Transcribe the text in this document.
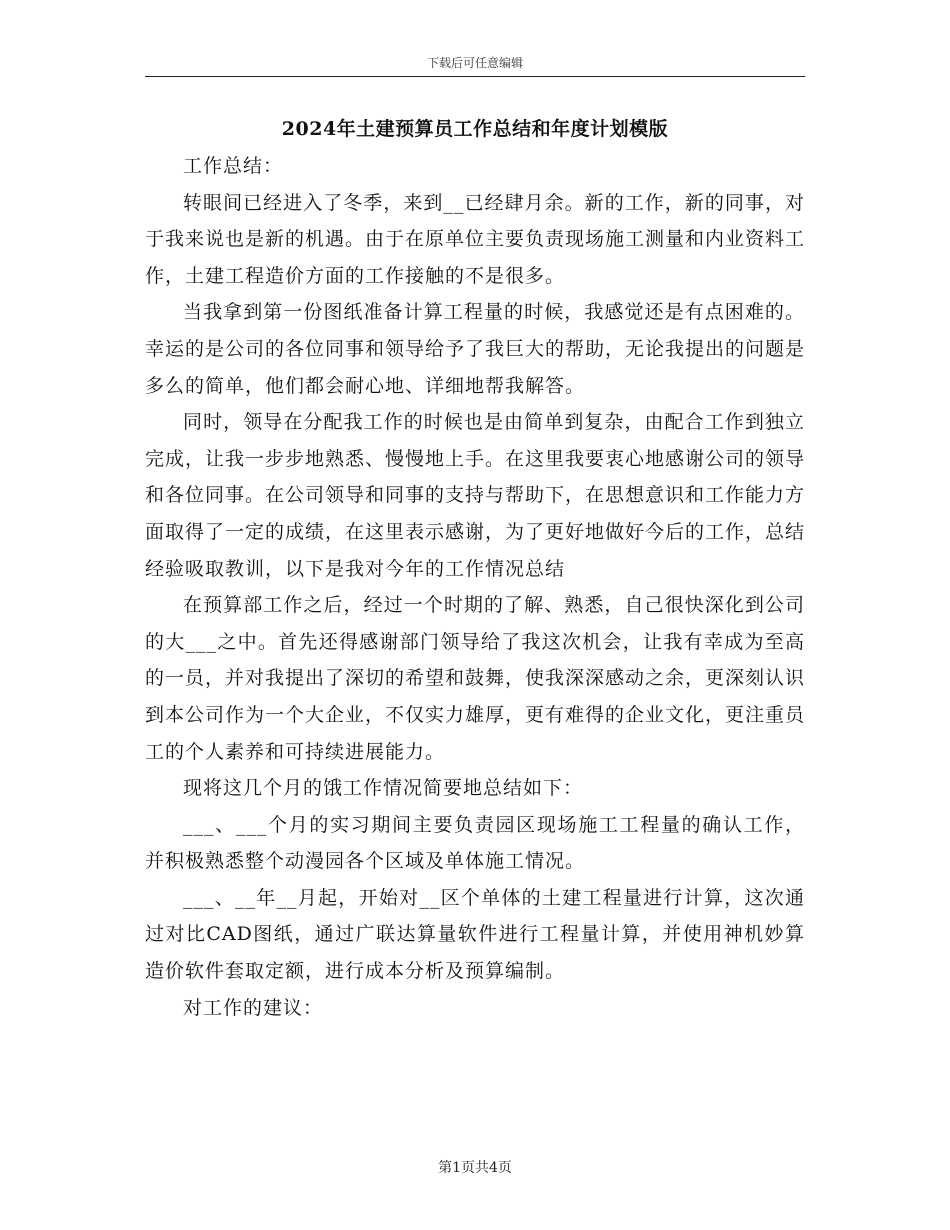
下载后可任意编辑
2024年土建预算员工作总结和年度计划模版

工作总结：

转眼间已经进入了冬季，来到__已经肆月余。新的工作，新的同事，对于我来说也是新的机遇。由于在原单位主要负责现场施工测量和内业资料工作，土建工程造价方面的工作接触的不是很多。

当我拿到第一份图纸准备计算工程量的时候，我感觉还是有点困难的。幸运的是公司的各位同事和领导给予了我巨大的帮助，无论我提出的问题是多么的简单，他们都会耐心地、详细地帮我解答。

同时，领导在分配我工作的时候也是由简单到复杂，由配合工作到独立完成，让我一步步地熟悉、慢慢地上手。在这里我要衷心地感谢公司的领导和各位同事。在公司领导和同事的支持与帮助下，在思想意识和工作能力方面取得了一定的成绩，在这里表示感谢，为了更好地做好今后的工作，总结经验吸取教训，以下是我对今年的工作情况总结

在预算部工作之后，经过一个时期的了解、熟悉，自己很快深化到公司的大___之中。首先还得感谢部门领导给了我这次机会，让我有幸成为至高的一员，并对我提出了深切的希望和鼓舞，使我深深感动之余，更深刻认识到本公司作为一个大企业，不仅实力雄厚，更有难得的企业文化，更注重员工的个人素养和可持续进展能力。

现将这几个月的饿工作情况简要地总结如下：

___、___个月的实习期间主要负责园区现场施工工程量的确认工作，并积极熟悉整个动漫园各个区域及单体施工情况。

___、__年__月起，开始对__区个单体的土建工程量进行计算，这次通过对比CAD图纸，通过广联达算量软件进行工程量计算，并使用神机妙算造价软件套取定额，进行成本分析及预算编制。

对工作的建议：

第1页共4页
